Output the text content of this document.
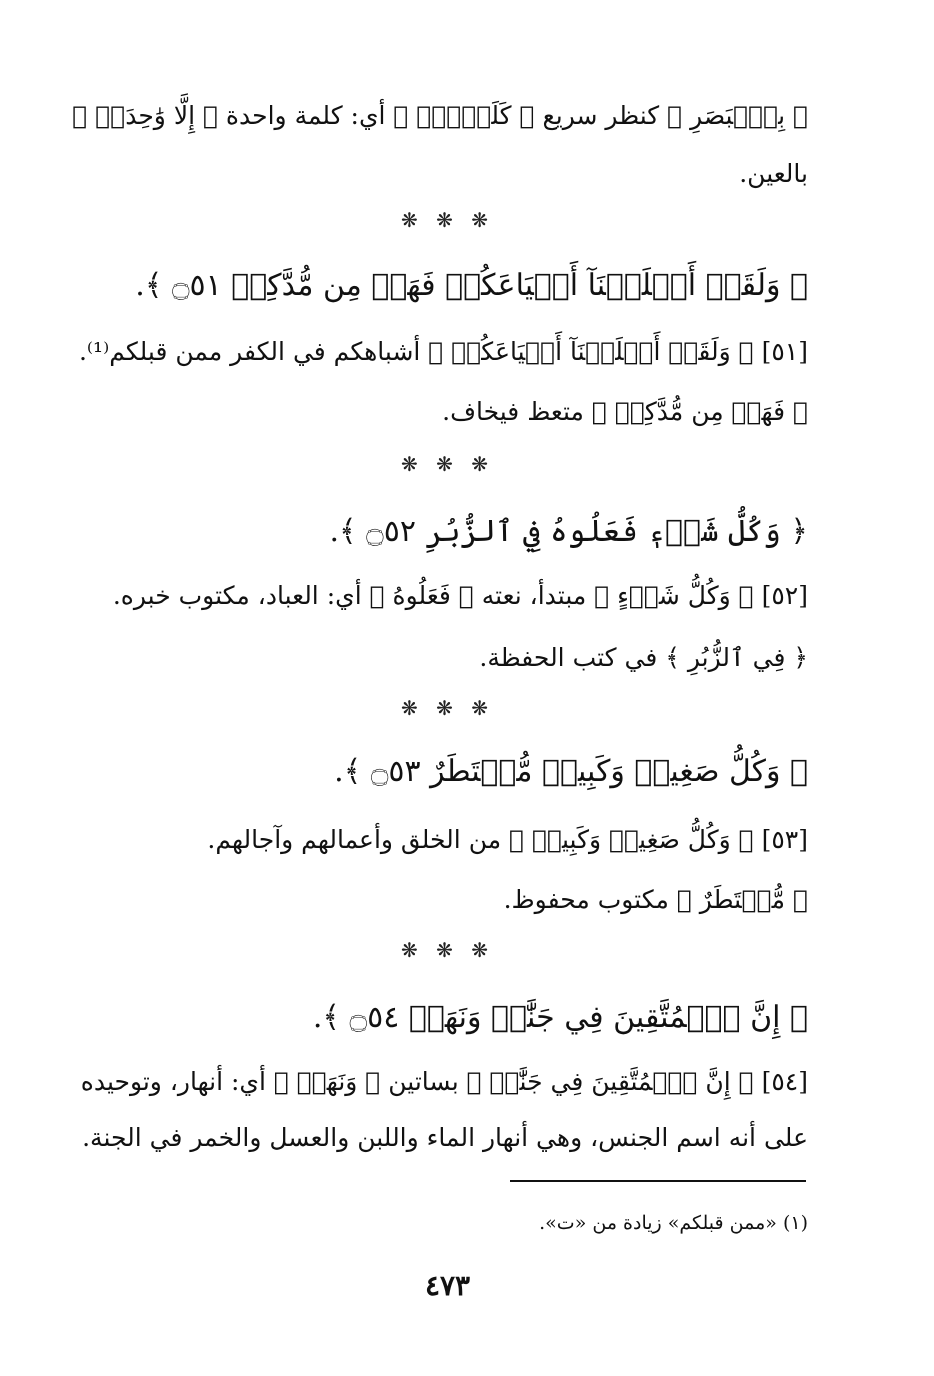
﴿ بِٱلۡبَصَرِ ﴾ كنظر سريع ﴿ كَلَمۡحِۭ ﴾ أي: كلمة واحدة ﴿ إِلَّا وَٰحِدَةٞ ﴾
بالعين.
❋ ❋ ❋
﴿ وَلَقَدۡ أَهۡلَكۡنَآ أَشۡيَاعَكُمۡ فَهَلۡ مِن مُّدَّكِرٖ ۝٥١ ﴾.
[٥١] ﴿ وَلَقَدۡ أَهۡلَكۡنَآ أَشۡيَاعَكُمۡ ﴾ أشباهكم في الكفر ممن قبلكم⁽¹⁾.
﴿ فَهَلۡ مِن مُّدَّكِرٖ ﴾ متعظ فيخاف.
❋ ❋ ❋
﴿ وَكُلُّ شَيۡءٖ فَعَلُوهُ فِي ٱلزُّبُرِ ۝٥٢ ﴾.
[٥٢] ﴿ وَكُلُّ شَيۡءٍ ﴾ مبتدأ، نعته ﴿ فَعَلُوهُ ﴾ أي: العباد، مكتوب خبره.
﴿ فِي ٱلزُّبُرِ ﴾ في كتب الحفظة.
❋ ❋ ❋
﴿ وَكُلُّ صَغِيرٖ وَكَبِيرٖ مُّسۡتَطَرٌ ۝٥٣ ﴾.
[٥٣] ﴿ وَكُلُّ صَغِيرٖ وَكَبِيرٖ ﴾ من الخلق وأعمالهم وآجالهم.
﴿ مُّسۡتَطَرٌ ﴾ مكتوب محفوظ.
❋ ❋ ❋
﴿ إِنَّ ٱلۡمُتَّقِينَ فِي جَنَّٰتٖ وَنَهَرٖ ۝٥٤ ﴾.
[٥٤] ﴿ إِنَّ ٱلۡمُتَّقِينَ فِي جَنَّٰتٖ ﴾ بساتين ﴿ وَنَهَرٖ ﴾ أي: أنهار، وتوحيده
على أنه اسم الجنس، وهي أنهار الماء واللبن والعسل والخمر في الجنة.
(١) «ممن قبلكم» زيادة من «ت».
٤٧٣
